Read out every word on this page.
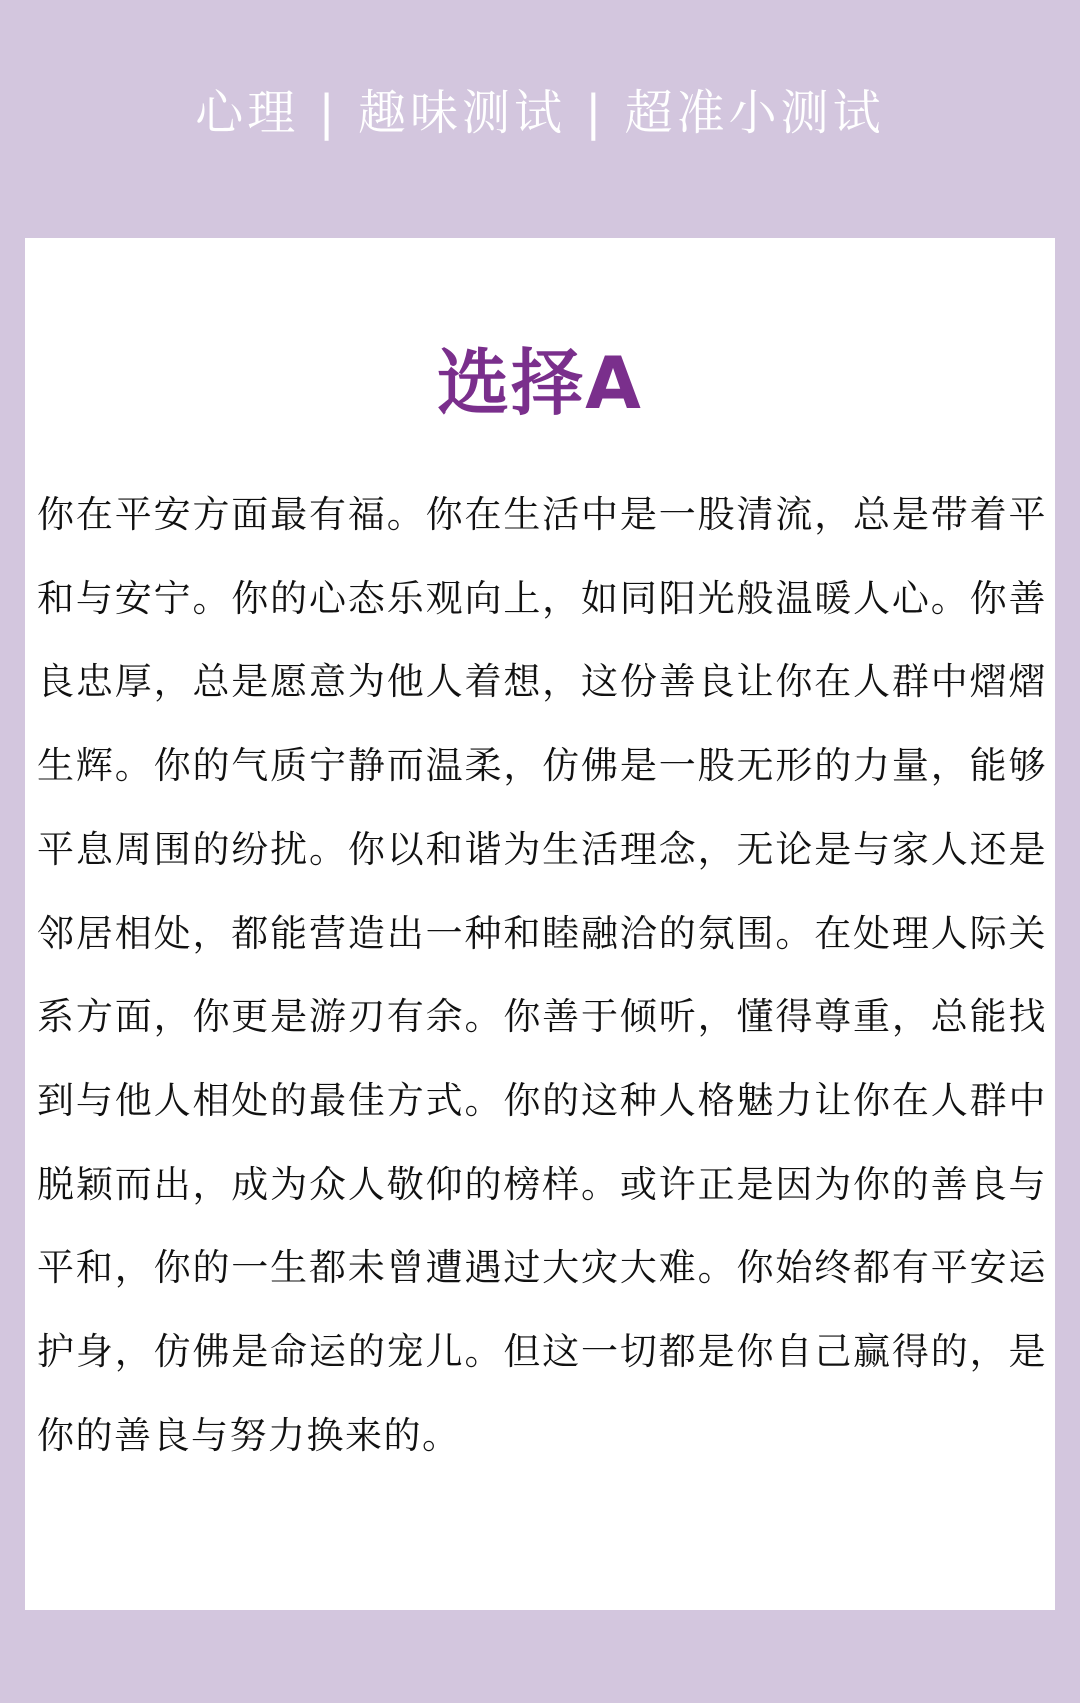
心理 | 趣味测试 | 超准小测试
选择A

你在平安方面最有福。你在生活中是一股清流，总是带着平和与安宁。你的心态乐观向上，如同阳光般温暖人心。你善良忠厚，总是愿意为他人着想，这份善良让你在人群中熠熠生辉。你的气质宁静而温柔，仿佛是一股无形的力量，能够平息周围的纷扰。你以和谐为生活理念，无论是与家人还是邻居相处，都能营造出一种和睦融洽的氛围。在处理人际关系方面，你更是游刃有余。你善于倾听，懂得尊重，总能找到与他人相处的最佳方式。你的这种人格魅力让你在人群中脱颖而出，成为众人敬仰的榜样。或许正是因为你的善良与平和，你的一生都未曾遭遇过大灾大难。你始终都有平安运护身，仿佛是命运的宠儿。但这一切都是你自己赢得的，是你的善良与努力换来的。
